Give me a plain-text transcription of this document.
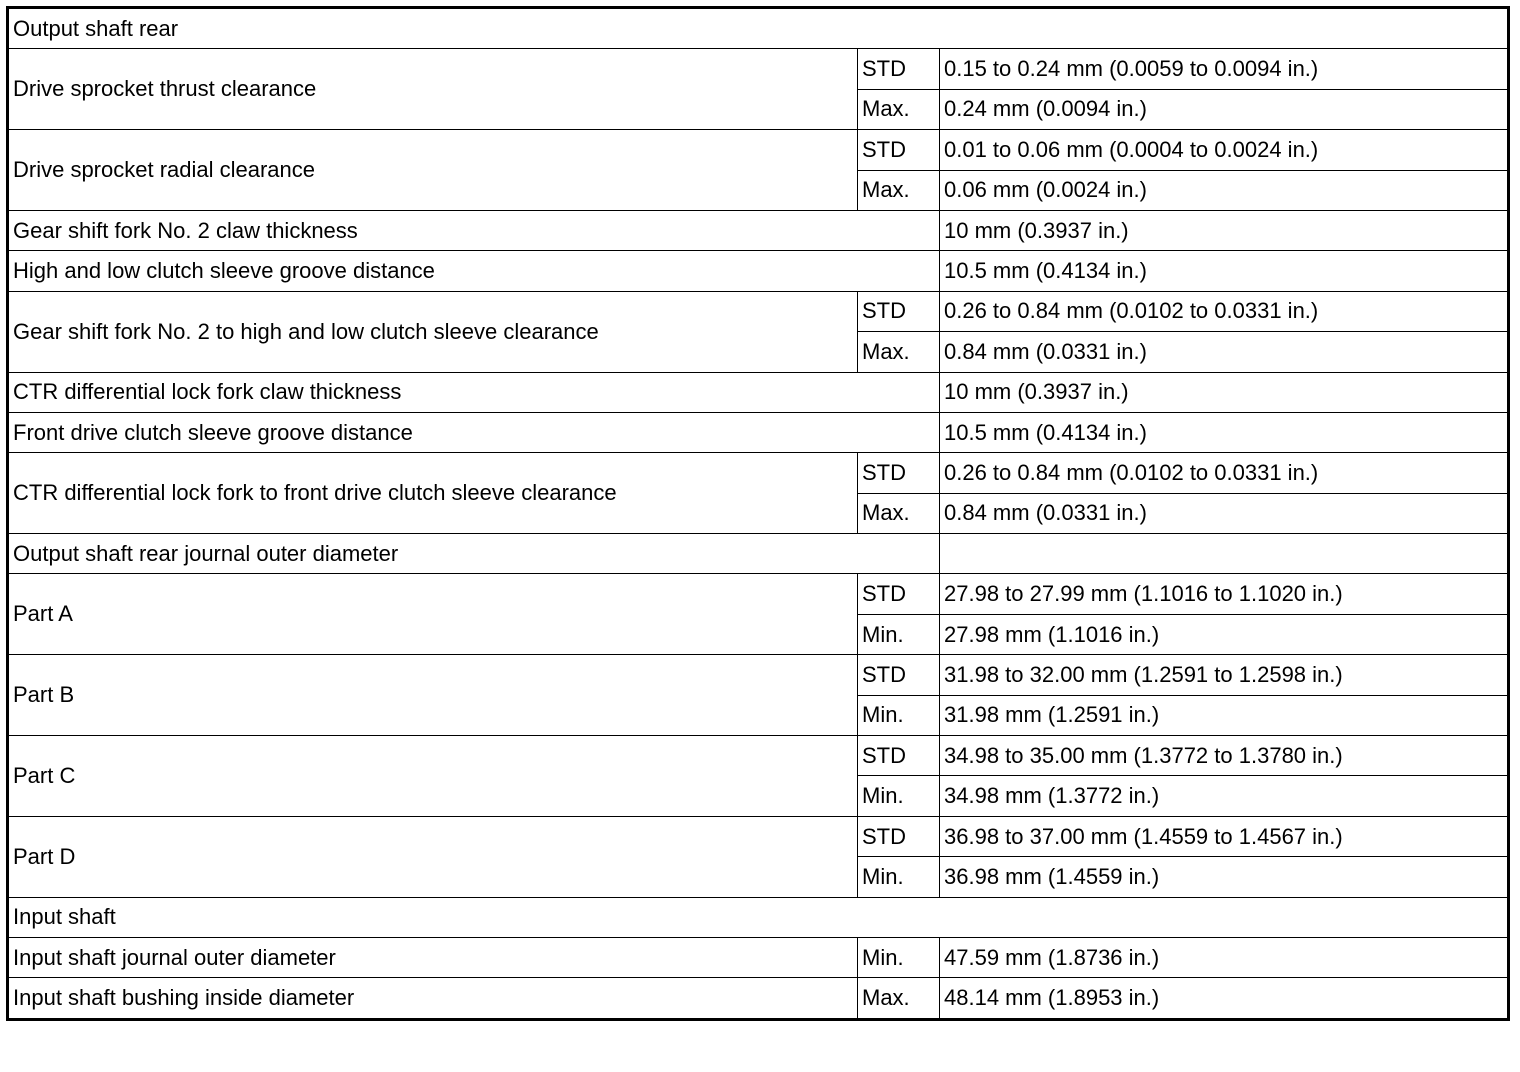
Output shaft rear		
Drive sprocket thrust clearance	STD	0.15 to 0.24 mm (0.0059 to 0.0094 in.)
	Max.	0.24 mm (0.0094 in.)
Drive sprocket radial clearance	STD	0.01 to 0.06 mm (0.0004 to 0.0024 in.)
	Max.	0.06 mm (0.0024 in.)
Gear shift fork No. 2 claw thickness		10 mm (0.3937 in.)
High and low clutch sleeve groove distance		10.5 mm (0.4134 in.)
Gear shift fork No. 2 to high and low clutch sleeve clearance	STD	0.26 to 0.84 mm (0.0102 to 0.0331 in.)
	Max.	0.84 mm (0.0331 in.)
CTR differential lock fork claw thickness		10 mm (0.3937 in.)
Front drive clutch sleeve groove distance		10.5 mm (0.4134 in.)
CTR differential lock fork to front drive clutch sleeve clearance	STD	0.26 to 0.84 mm (0.0102 to 0.0331 in.)
	Max.	0.84 mm (0.0331 in.)
Output shaft rear journal outer diameter		
Part A	STD	27.98 to 27.99 mm (1.1016 to 1.1020 in.)
	Min.	27.98 mm (1.1016 in.)
Part B	STD	31.98 to 32.00 mm (1.2591 to 1.2598 in.)
	Min.	31.98 mm (1.2591 in.)
Part C	STD	34.98 to 35.00 mm (1.3772 to 1.3780 in.)
	Min.	34.98 mm (1.3772 in.)
Part D	STD	36.98 to 37.00 mm (1.4559 to 1.4567 in.)
	Min.	36.98 mm (1.4559 in.)
Input shaft		
Input shaft journal outer diameter	Min.	47.59 mm (1.8736 in.)
Input shaft bushing inside diameter	Max.	48.14 mm (1.8953 in.)
